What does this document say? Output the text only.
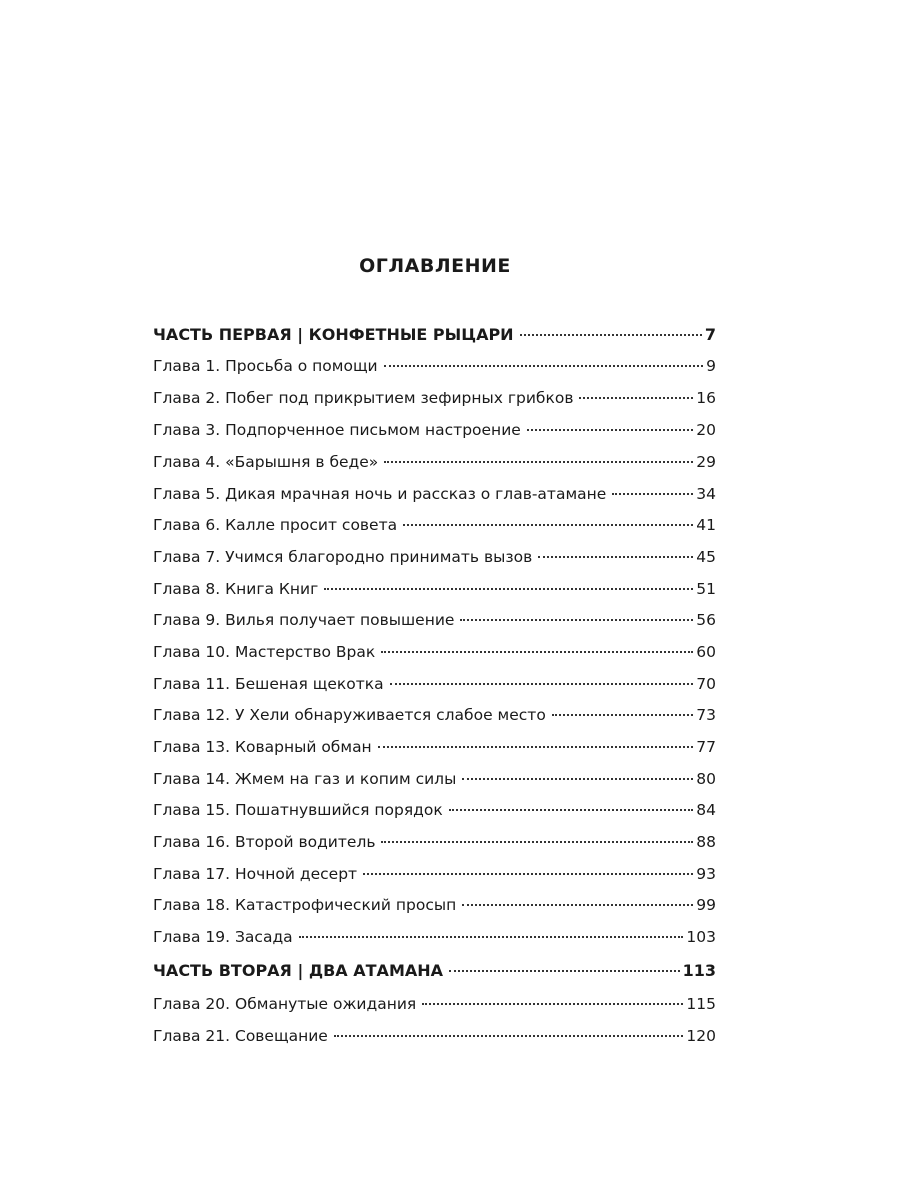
ОГЛАВЛЕНИЕ
ЧАСТЬ ПЕРВАЯ | КОНФЕТНЫЕ РЫЦАРИ	7
Глава 1. Просьба о помощи	9
Глава 2. Побег под прикрытием зефирных грибков	16
Глава 3. Подпорченное письмом настроение	20
Глава 4. «Барышня в беде»	29
Глава 5. Дикая мрачная ночь и рассказ о глав-атамане	34
Глава 6. Калле просит совета	41
Глава 7. Учимся благородно принимать вызов	45
Глава 8. Книга Книг	51
Глава 9. Вилья получает повышение	56
Глава 10. Мастерство Врак	60
Глава 11. Бешеная щекотка	70
Глава 12. У Хели обнаруживается слабое место	73
Глава 13. Коварный обман	77
Глава 14. Жмем на газ и копим силы	80
Глава 15. Пошатнувшийся порядок	84
Глава 16. Второй водитель	88
Глава 17. Ночной десерт	93
Глава 18. Катастрофический просып	99
Глава 19. Засада	103
ЧАСТЬ ВТОРАЯ | ДВА АТАМАНА	113
Глава 20. Обманутые ожидания	115
Глава 21. Совещание	120
